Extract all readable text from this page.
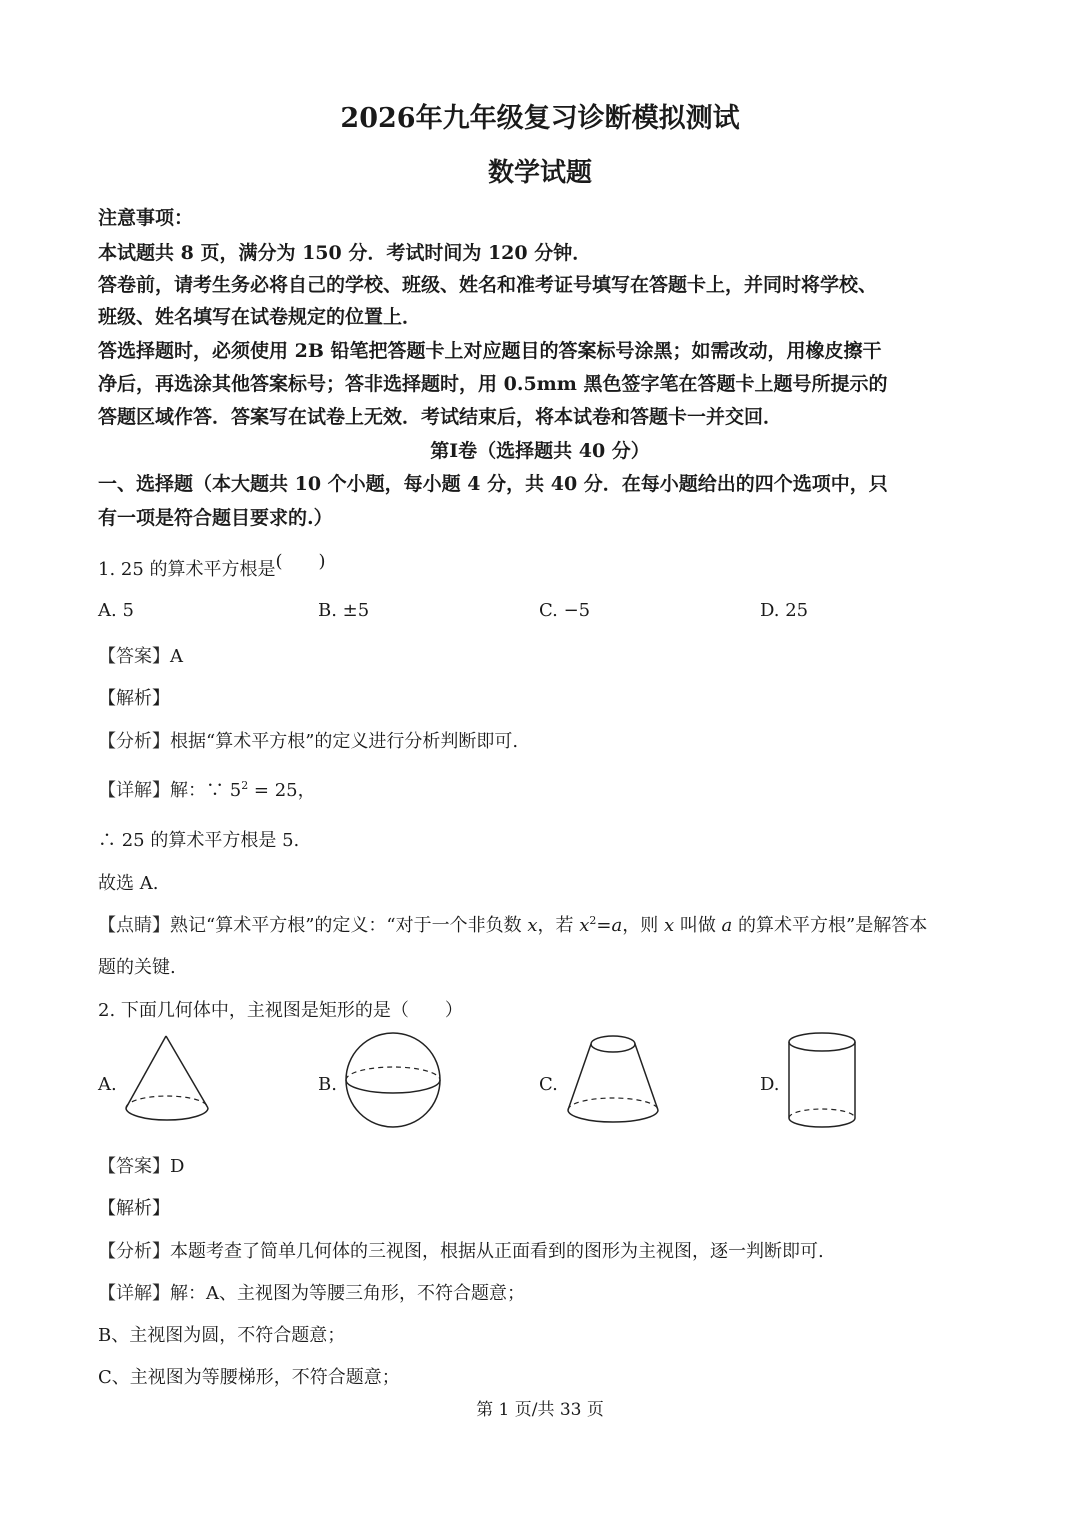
2026年九年级复习诊断模拟测试
数学试题
注意事项：
本试题共 8 页，满分为 150 分．考试时间为 120 分钟．
答卷前，请考生务必将自己的学校、班级、姓名和准考证号填写在答题卡上，并同时将学校、
班级、姓名填写在试卷规定的位置上．
答选择题时，必须使用 2B 铅笔把答题卡上对应题目的答案标号涂黑；如需改动，用橡皮擦干
净后，再选涂其他答案标号；答非选择题时，用 0.5mm 黑色签字笔在答题卡上题号所提示的
答题区域作答．答案写在试卷上无效．考试结束后，将本试卷和答题卡一并交回．
第Ⅰ卷（选择题共 40 分）
一、选择题（本大题共 10 个小题，每小题 4 分，共 40 分．在每小题给出的四个选项中，只
有一项是符合题目要求的.）
1. 25 的算术平方根是(　　)
A. 5	B. ±5	C. −5	D. 25
【答案】A
【解析】
【分析】根据“算术平方根”的定义进行分析判断即可.
【详解】解：∵ $5^2 = 25$，
∴ 25 的算术平方根是 5.
故选 A.
【点睛】熟记“算术平方根”的定义：“对于一个非负数 x，若 $x^2=a$，则 x 叫做 a 的算术平方根”是解答本
题的关键.
2. 下面几何体中，主视图是矩形的是（　　）
A.	B.	C.	D.
【答案】D
【解析】
【分析】本题考查了简单几何体的三视图，根据从正面看到的图形为主视图，逐一判断即可.
【详解】解：A、主视图为等腰三角形，不符合题意；
B、主视图为圆，不符合题意；
C、主视图为等腰梯形，不符合题意；
第 1 页/共 33 页
